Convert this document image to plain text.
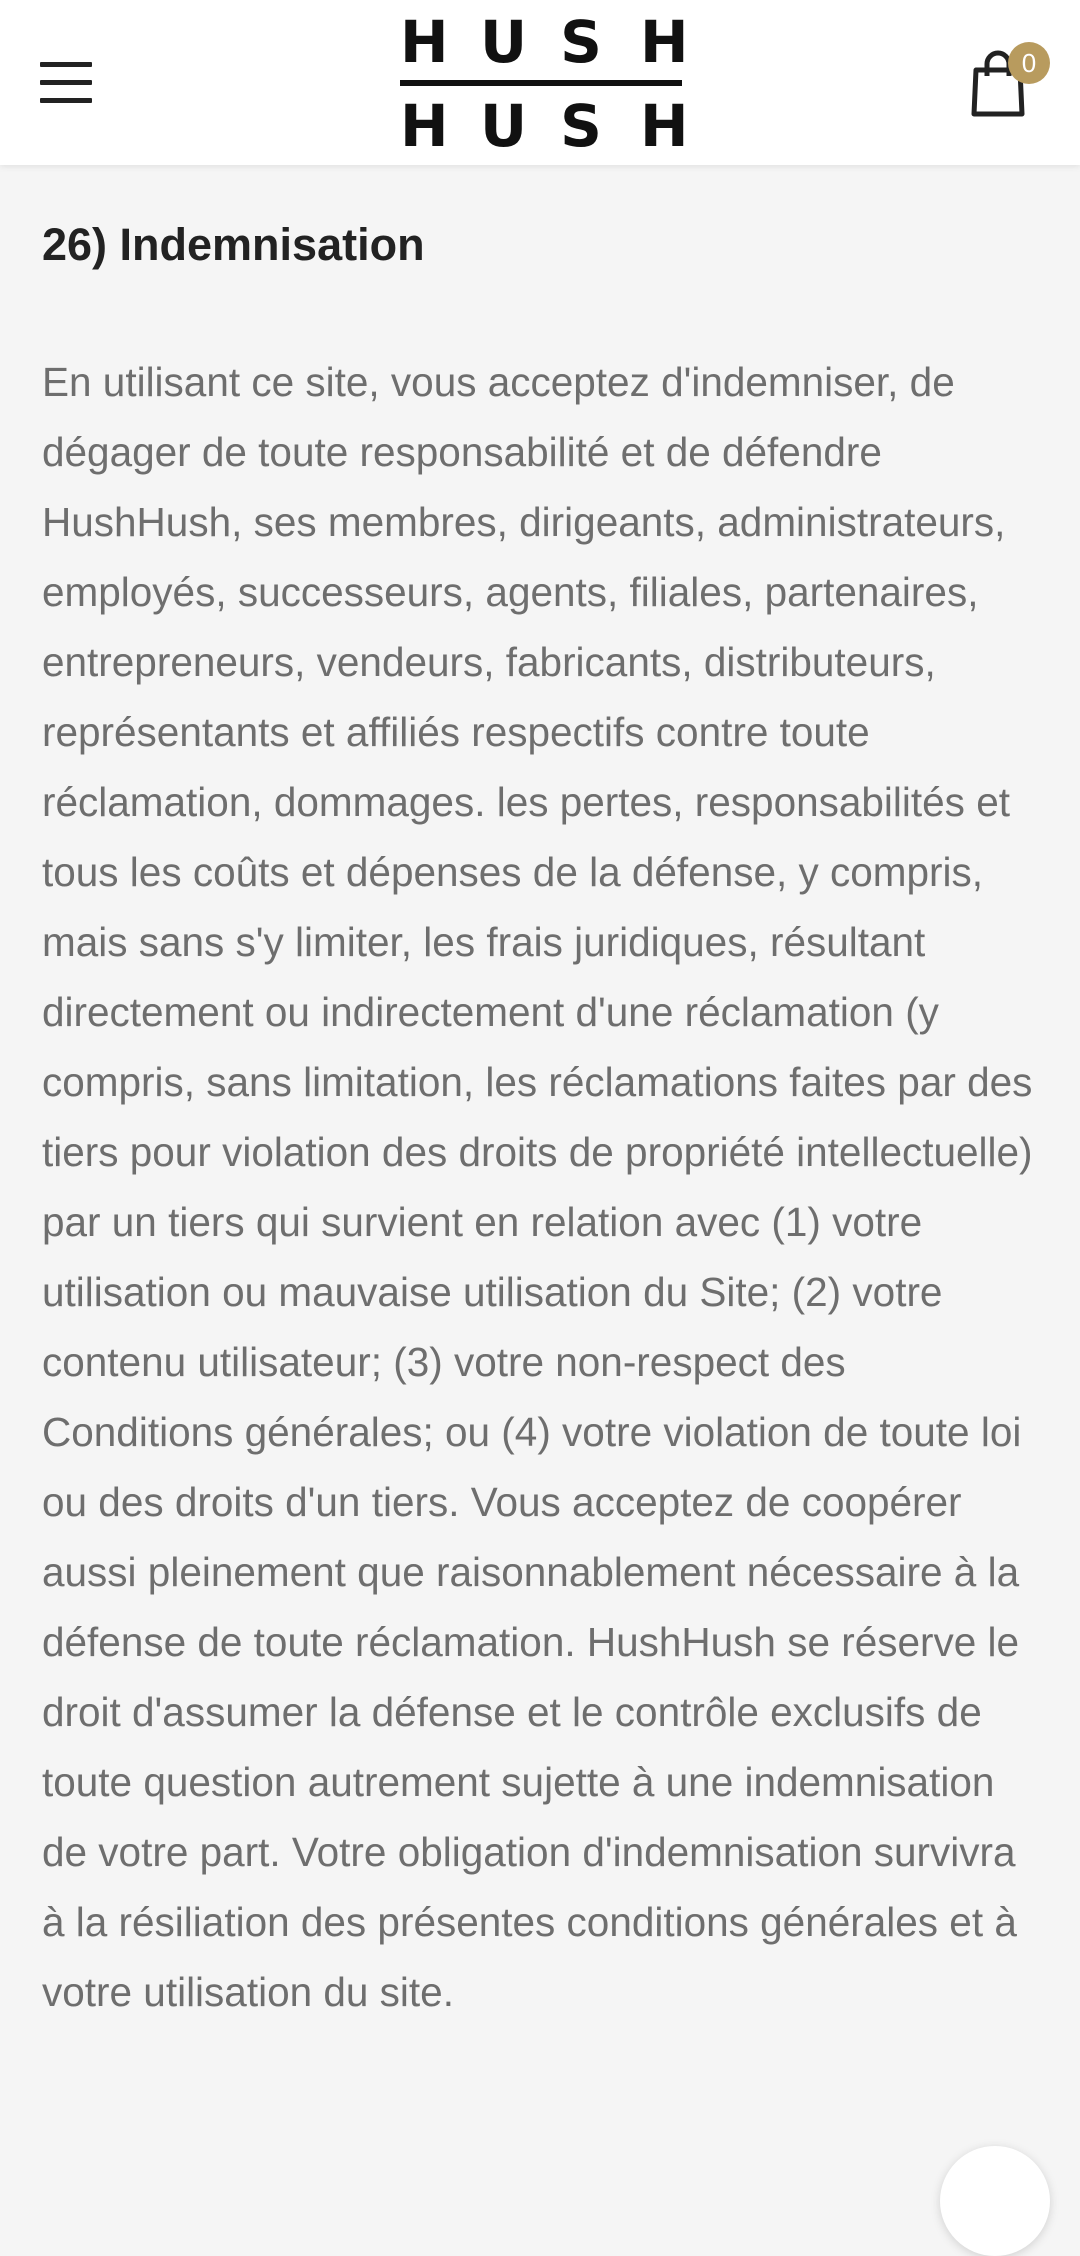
H U S H
H U S H
0
26) Indemnisation

En utilisant ce site, vous acceptez d'indemniser, de dégager de toute responsabilité et de défendre HushHush, ses membres, dirigeants, administrateurs, employés, successeurs, agents, filiales, partenaires, entrepreneurs, vendeurs, fabricants, distributeurs, représentants et affiliés respectifs contre toute réclamation, dommages. les pertes, responsabilités et tous les coûts et dépenses de la défense, y compris, mais sans s'y limiter, les frais juridiques, résultant directement ou indirectement d'une réclamation (y compris, sans limitation, les réclamations faites par des tiers pour violation des droits de propriété intellectuelle) par un tiers qui survient en relation avec (1) votre utilisation ou mauvaise utilisation du Site; (2) votre contenu utilisateur; (3) votre non-respect des Conditions générales; ou (4) votre violation de toute loi ou des droits d'un tiers. Vous acceptez de coopérer aussi pleinement que raisonnablement nécessaire à la défense de toute réclamation. HushHush se réserve le droit d'assumer la défense et le contrôle exclusifs de toute question autrement sujette à une indemnisation de votre part. Votre obligation d'indemnisation survivra à la résiliation des présentes conditions générales et à votre utilisation du site.
